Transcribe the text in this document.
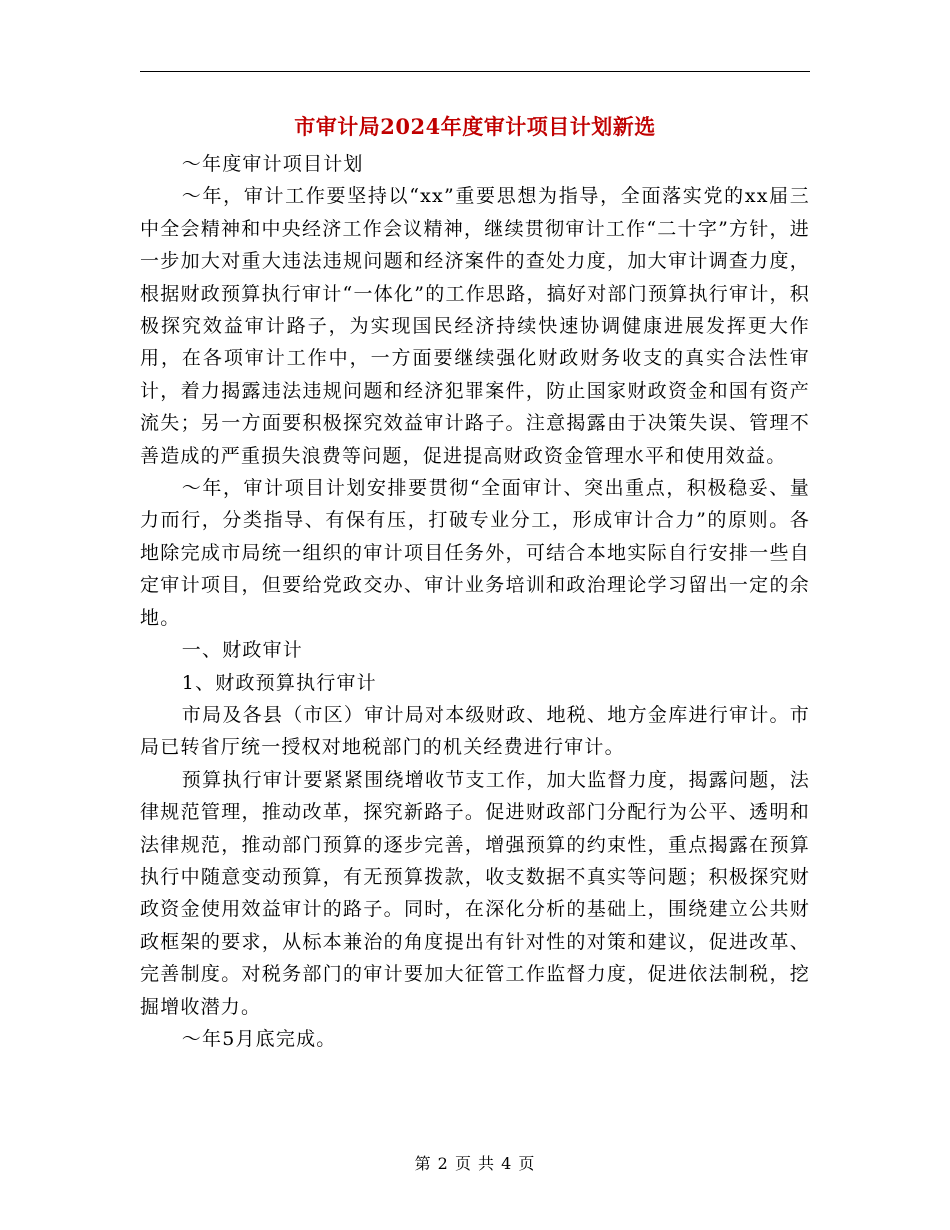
市审计局2024年度审计项目计划新选

～年度审计项目计划

～年，审计工作要坚持以“xx”重要思想为指导，全面落实党的xx届三中全会精神和中央经济工作会议精神，继续贯彻审计工作“二十字”方针，进一步加大对重大违法违规问题和经济案件的查处力度，加大审计调查力度，根据财政预算执行审计“一体化”的工作思路，搞好对部门预算执行审计，积极探究效益审计路子，为实现国民经济持续快速协调健康进展发挥更大作用，在各项审计工作中，一方面要继续强化财政财务收支的真实合法性审计，着力揭露违法违规问题和经济犯罪案件，防止国家财政资金和国有资产流失；另一方面要积极探究效益审计路子。注意揭露由于决策失误、管理不善造成的严重损失浪费等问题，促进提高财政资金管理水平和使用效益。

～年，审计项目计划安排要贯彻“全面审计、突出重点，积极稳妥、量力而行，分类指导、有保有压，打破专业分工，形成审计合力”的原则。各地除完成市局统一组织的审计项目任务外，可结合本地实际自行安排一些自定审计项目，但要给党政交办、审计业务培训和政治理论学习留出一定的余地。

一、财政审计

1、财政预算执行审计

市局及各县（市区）审计局对本级财政、地税、地方金库进行审计。市局已转省厅统一授权对地税部门的机关经费进行审计。

预算执行审计要紧紧围绕增收节支工作，加大监督力度，揭露问题，法律规范管理，推动改革，探究新路子。促进财政部门分配行为公平、透明和法律规范，推动部门预算的逐步完善，增强预算的约束性，重点揭露在预算执行中随意变动预算，有无预算拨款，收支数据不真实等问题；积极探究财政资金使用效益审计的路子。同时，在深化分析的基础上，围绕建立公共财政框架的要求，从标本兼治的角度提出有针对性的对策和建议，促进改革、完善制度。对税务部门的审计要加大征管工作监督力度，促进依法制税，挖掘增收潜力。

～年5月底完成。

第 2 页 共 4 页
